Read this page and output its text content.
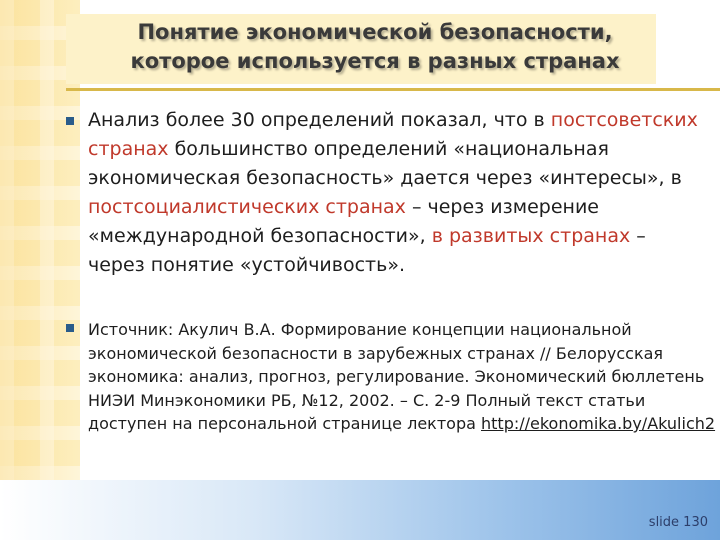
Понятие экономической безопасности,
которое используется в разных странах

Анализ более 30 определений показал, что в постсоветских странах большинство определений «национальная экономическая безопасность» дается через «интересы», в постсоциалистических странах – через измерение «международной безопасности», в развитых странах – через понятие «устойчивость».

Источник: Акулич В.А. Формирование концепции национальной экономической безопасности в зарубежных странах // Белорусская экономика: анализ, прогноз, регулирование. Экономический бюллетень НИЭИ Минэкономики РБ, №12, 2002. – С. 2-9 Полный текст статьи доступен на персональной странице лектора http://ekonomika.by/Akulich2

slide 130
